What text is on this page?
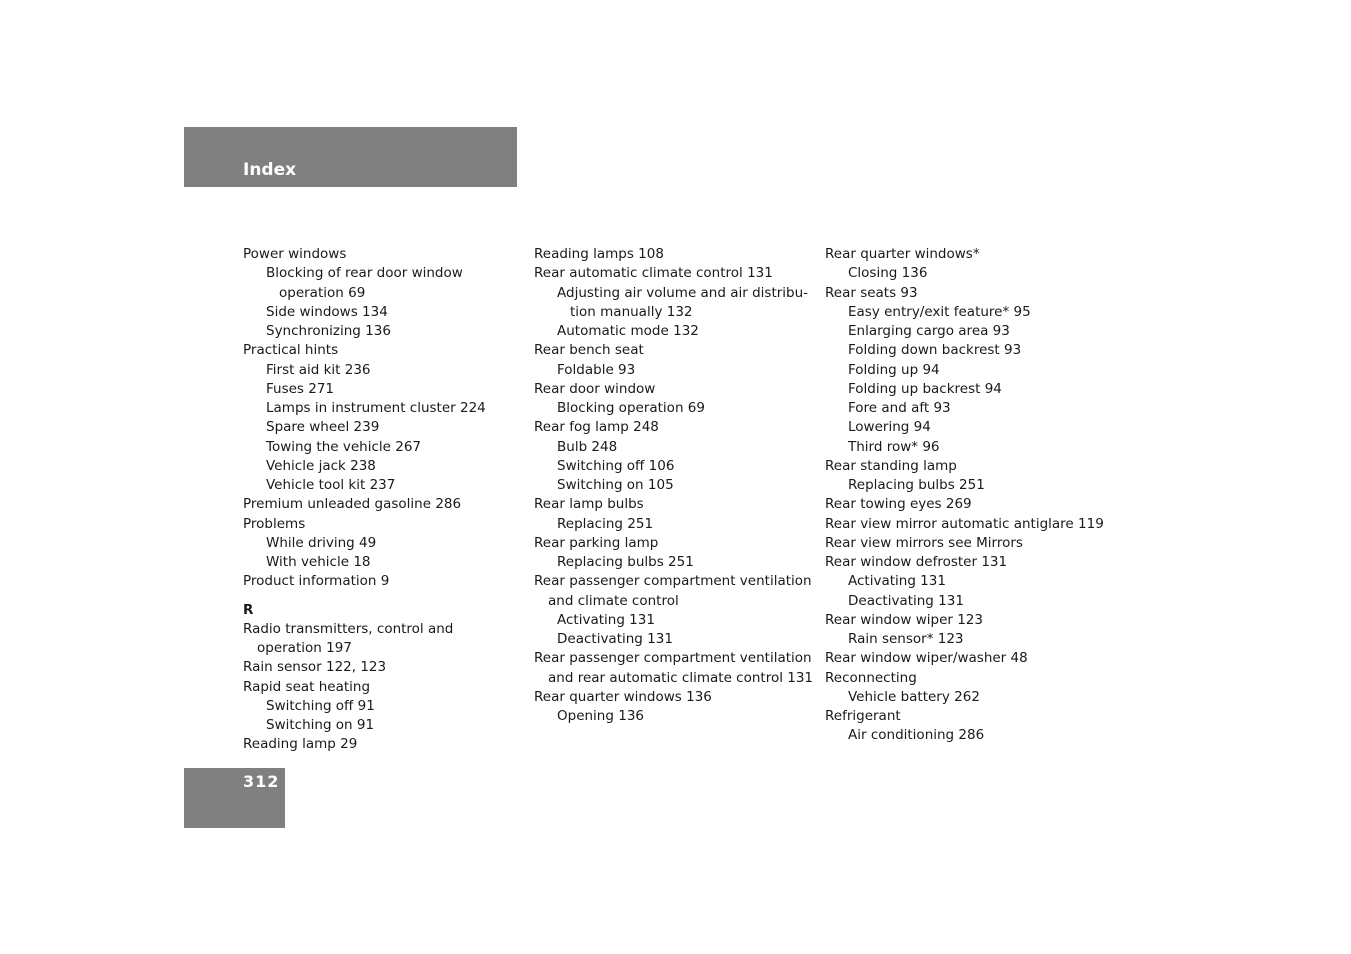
Index
Power windows
Blocking of rear door window
operation 69
Side windows 134
Synchronizing 136
Practical hints
First aid kit 236
Fuses 271
Lamps in instrument cluster 224
Spare wheel 239
Towing the vehicle 267
Vehicle jack 238
Vehicle tool kit 237
Premium unleaded gasoline 286
Problems
While driving 49
With vehicle 18
Product information 9
R
Radio transmitters, control and
operation 197
Rain sensor 122, 123
Rapid seat heating
Switching off 91
Switching on 91
Reading lamp 29
Reading lamps 108
Rear automatic climate control 131
Adjusting air volume and air distribu-
tion manually 132
Automatic mode 132
Rear bench seat
Foldable 93
Rear door window
Blocking operation 69
Rear fog lamp 248
Bulb 248
Switching off 106
Switching on 105
Rear lamp bulbs
Replacing 251
Rear parking lamp
Replacing bulbs 251
Rear passenger compartment ventilation
and climate control
Activating 131
Deactivating 131
Rear passenger compartment ventilation
and rear automatic climate control 131
Rear quarter windows 136
Opening 136
Rear quarter windows*
Closing 136
Rear seats 93
Easy entry/exit feature* 95
Enlarging cargo area 93
Folding down backrest 93
Folding up 94
Folding up backrest 94
Fore and aft 93
Lowering 94
Third row* 96
Rear standing lamp
Replacing bulbs 251
Rear towing eyes 269
Rear view mirror automatic antiglare 119
Rear view mirrors see Mirrors
Rear window defroster 131
Activating 131
Deactivating 131
Rear window wiper 123
Rain sensor* 123
Rear window wiper/washer 48
Reconnecting
Vehicle battery 262
Refrigerant
Air conditioning 286
312
